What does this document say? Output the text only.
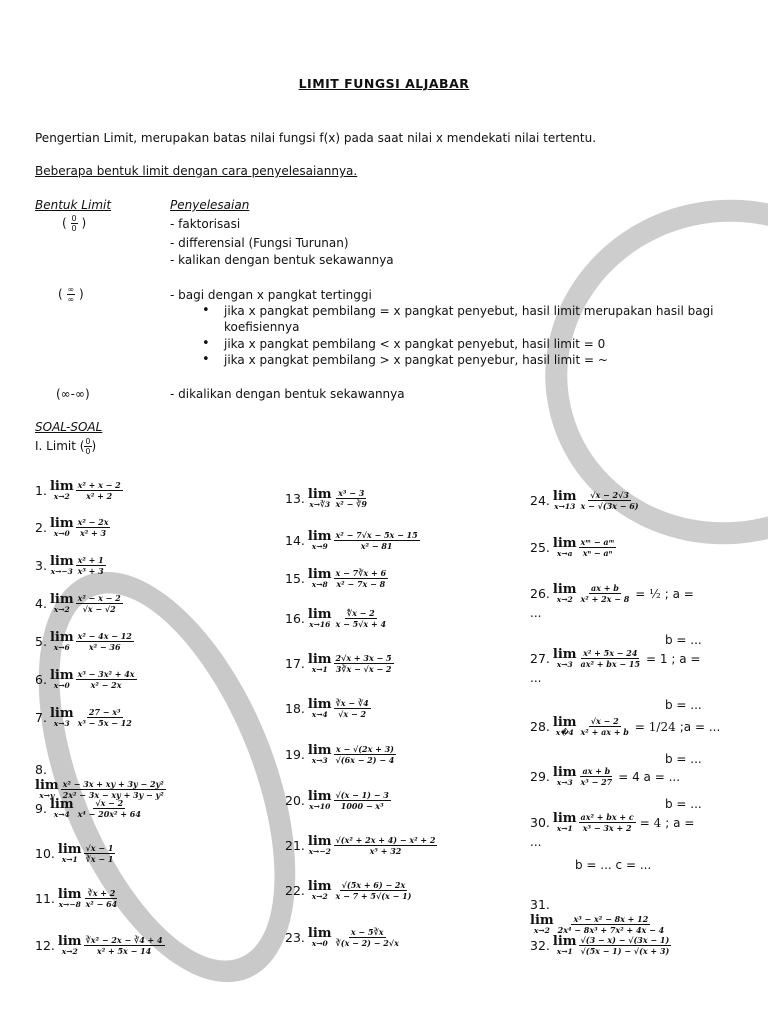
LIMIT FUNGSI ALJABAR
Pengertian Limit, merupakan batas nilai fungsi f(x) pada saat nilai x mendekati nilai tertentu.
Beberapa bentuk limit dengan cara penyelesaiannya.
Bentuk Limit	Penyelesaian
( $\frac{0}{0}$ )	- faktorisasi
- differensial (Fungsi Turunan)
- kalikan dengan bentuk sekawannya
( $\frac{\infty}{\infty}$ )	- bagi dengan x pangkat tertinggi
• jika x pangkat pembilang = x pangkat penyebut, hasil limit merupakan hasil bagi
koefisiennya
• jika x pangkat pembilang < x pangkat penyebut, hasil limit = 0
• jika x pangkat pembilang > x pangkat penyebur, hasil limit = ~
(∞-∞)	- dikalikan dengan bentuk sekawannya
SOAL-SOAL
I. Limit ( $\frac{0}{0}$ )
1. lim
$x\to 2 \frac{\text{x² + x − 2}}{\text{x² + 2}}$
2. lim
$x\to 0 \frac{\text{x² − 2x}}{\text{x² + 3}}$
3. lim
$x\to-3 \frac{\text{x² + 1}}{\text{x³ + 3}}$
4. lim
$x\to 2 \frac{\text{x² − x − 2}}{√x - √2}$
5. lim
$x\to 6 \frac{\text{x² − 4x − 12}}{\text{x² − 36}}$
6. lim
$x\to 0 \frac{\text{x³ − 3x² + 4x}}{\text{x² − 2x}}$
7. lim
$x\to 3 \frac{\text{27 − x³}}{\text{x³ − 5x − 12}}$
8.
lim
$x\to y \frac{\text{x² − 3x + xy + 3y − 2y²}}{\text{2x² − 3x − xy + 3y − y²}}$
9. lim
$x\to 4 \frac{√x - 2}{\text{x⁴ − 20x² + 64}}$
10. lim
$x\to 1 \frac{√x - 1}{∛x - 1}$
11. lim
$x\to-8 \frac{∛x + 2}{\text{x² − 64}}$
12. lim
$x\to 2 \frac{\text{∛x² − 2x − ∛4 + 4}}{\text{x² + 5x − 14}}$
13. lim
x→∛3 $\frac{\text{x³ − 3}}{\text{x² − ∛9}}$
14. lim
$x\to 9 \frac{\text{x² − 7√x − 5x − 15}}{\text{x² − 81}}$
15. lim
$x\to 8 \frac{x - 7∛x + 6}{\text{x² − 7x − 8}}$
16. lim
$x\to 16 \frac{∜x - 2}{x - 5√x + 4}$
17. lim
$x\to 1 \frac{2√x + 3x - 5}{3∛x - √x - 2}$
18. lim
$x\to 4 \frac{∛x - ∛4}{√x - 2}$
19. lim
$x\to 3 \frac{x - √(2x + 3)}{√(6x - 2) - 4}$
20. lim
$x\to 10 \frac{√(x - 1) - 3}{\text{1000 − x³}}$
21. lim
$x\to-2 \frac{\text{√(x² + 2x + 4) − x² + 2}}{\text{x⁵ + 32}}$
22. lim
$x\to 2 \frac{√(5x + 6) - 2x}{x - 7 + 5√(x - 1)}$
23. lim
$x\to 0 \frac{x - 5∛x}{∛(x - 2) - 2√x}$
24. lim
$x\to 13 \frac{√x - 2√3}{x - √(3x - 6)}$
25. lim
$x\to a \frac{\text{xᵐ − aᵐ}}{\text{xⁿ − aⁿ}}$
26. lim
$x\to 2 \frac{ax + b}{\text{x² + 2x − 8}}$ = ½ ; a =
...
b = ...
27. lim
$x\to 3 \frac{\text{x² + 5x − 24}}{\text{ax² + bx − 15}} = 1$ ; a =
...
b = ...
28. lim
x�4 $\frac{√x - 2}{\text{x² + ax + b}} = 1/24$ ;a = ...
b = ...
29. lim
$x\to 3 \frac{ax + b}{\text{x³ − 27}} = 4$ a = ...
b = ...
30. lim
$x\to 1 \frac{\text{ax² + bx + c}}{\text{x³ − 3x + 2}} = 4$ ; a =
...
b = ... c = ...
31.
lim
$x\to 2 \frac{\text{x³ − x² − 8x + 12}}{\text{2x⁴ − 8x³ + 7x² + 4x − 4}}$
32. lim
$x\to 1 \frac{√(3 - x) - √(3x - 1)}{√(5x - 1) - √(x + 3)}$
